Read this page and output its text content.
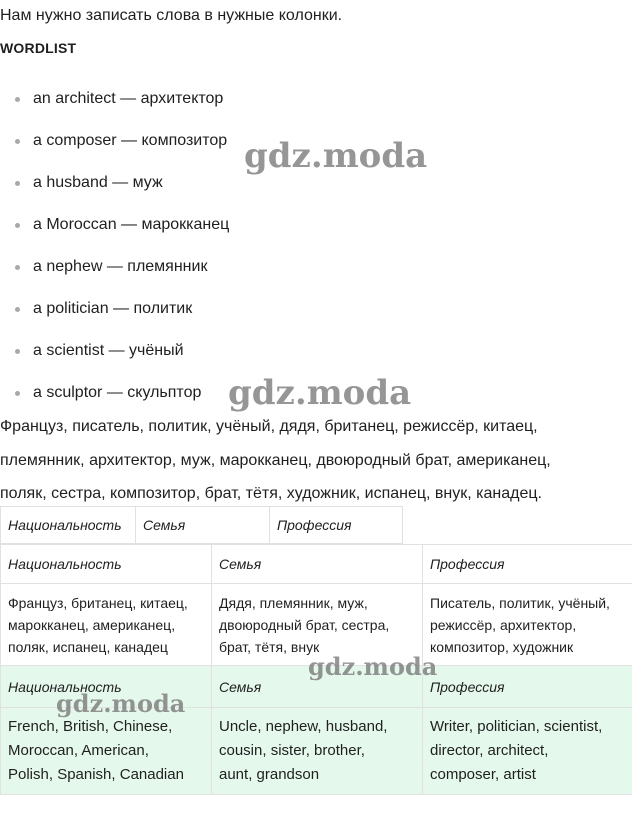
Нам нужно записать слова в нужные колонки.
WORDLIST
an architect — архитектор
a composer — композитор
a husband — муж
a Moroccan — марокканец
a nephew — племянник
a politician — политик
a scientist — учёный
a sculptor — скульптор

Француз, писатель, политик, учёный, дядя, британец, режиссёр, китаец,
племянник, архитектор, муж, марокканец, двоюродный брат, американец,
поляк, сестра, композитор, брат, тётя, художник, испанец, внук, канадец.

Национальность	Семья	Профессия
Национальность	Семья	Профессия
Француз, британец, китаец,
марокканец, американец,
поляк, испанец, канадец	Дядя, племянник, муж,
двоюродный брат, сестра,
брат, тётя, внук	Писатель, политик, учёный,
режиссёр, архитектор,
композитор, художник
Национальность	Семья	Профессия
French, British, Chinese,
Moroccan, American,
Polish, Spanish, Canadian	Uncle, nephew, husband,
cousin, sister, brother,
aunt, grandson	Writer, politician, scientist,
director, architect,
composer, artist
gdz.moda
gdz.moda
gdz.moda
gdz.moda
